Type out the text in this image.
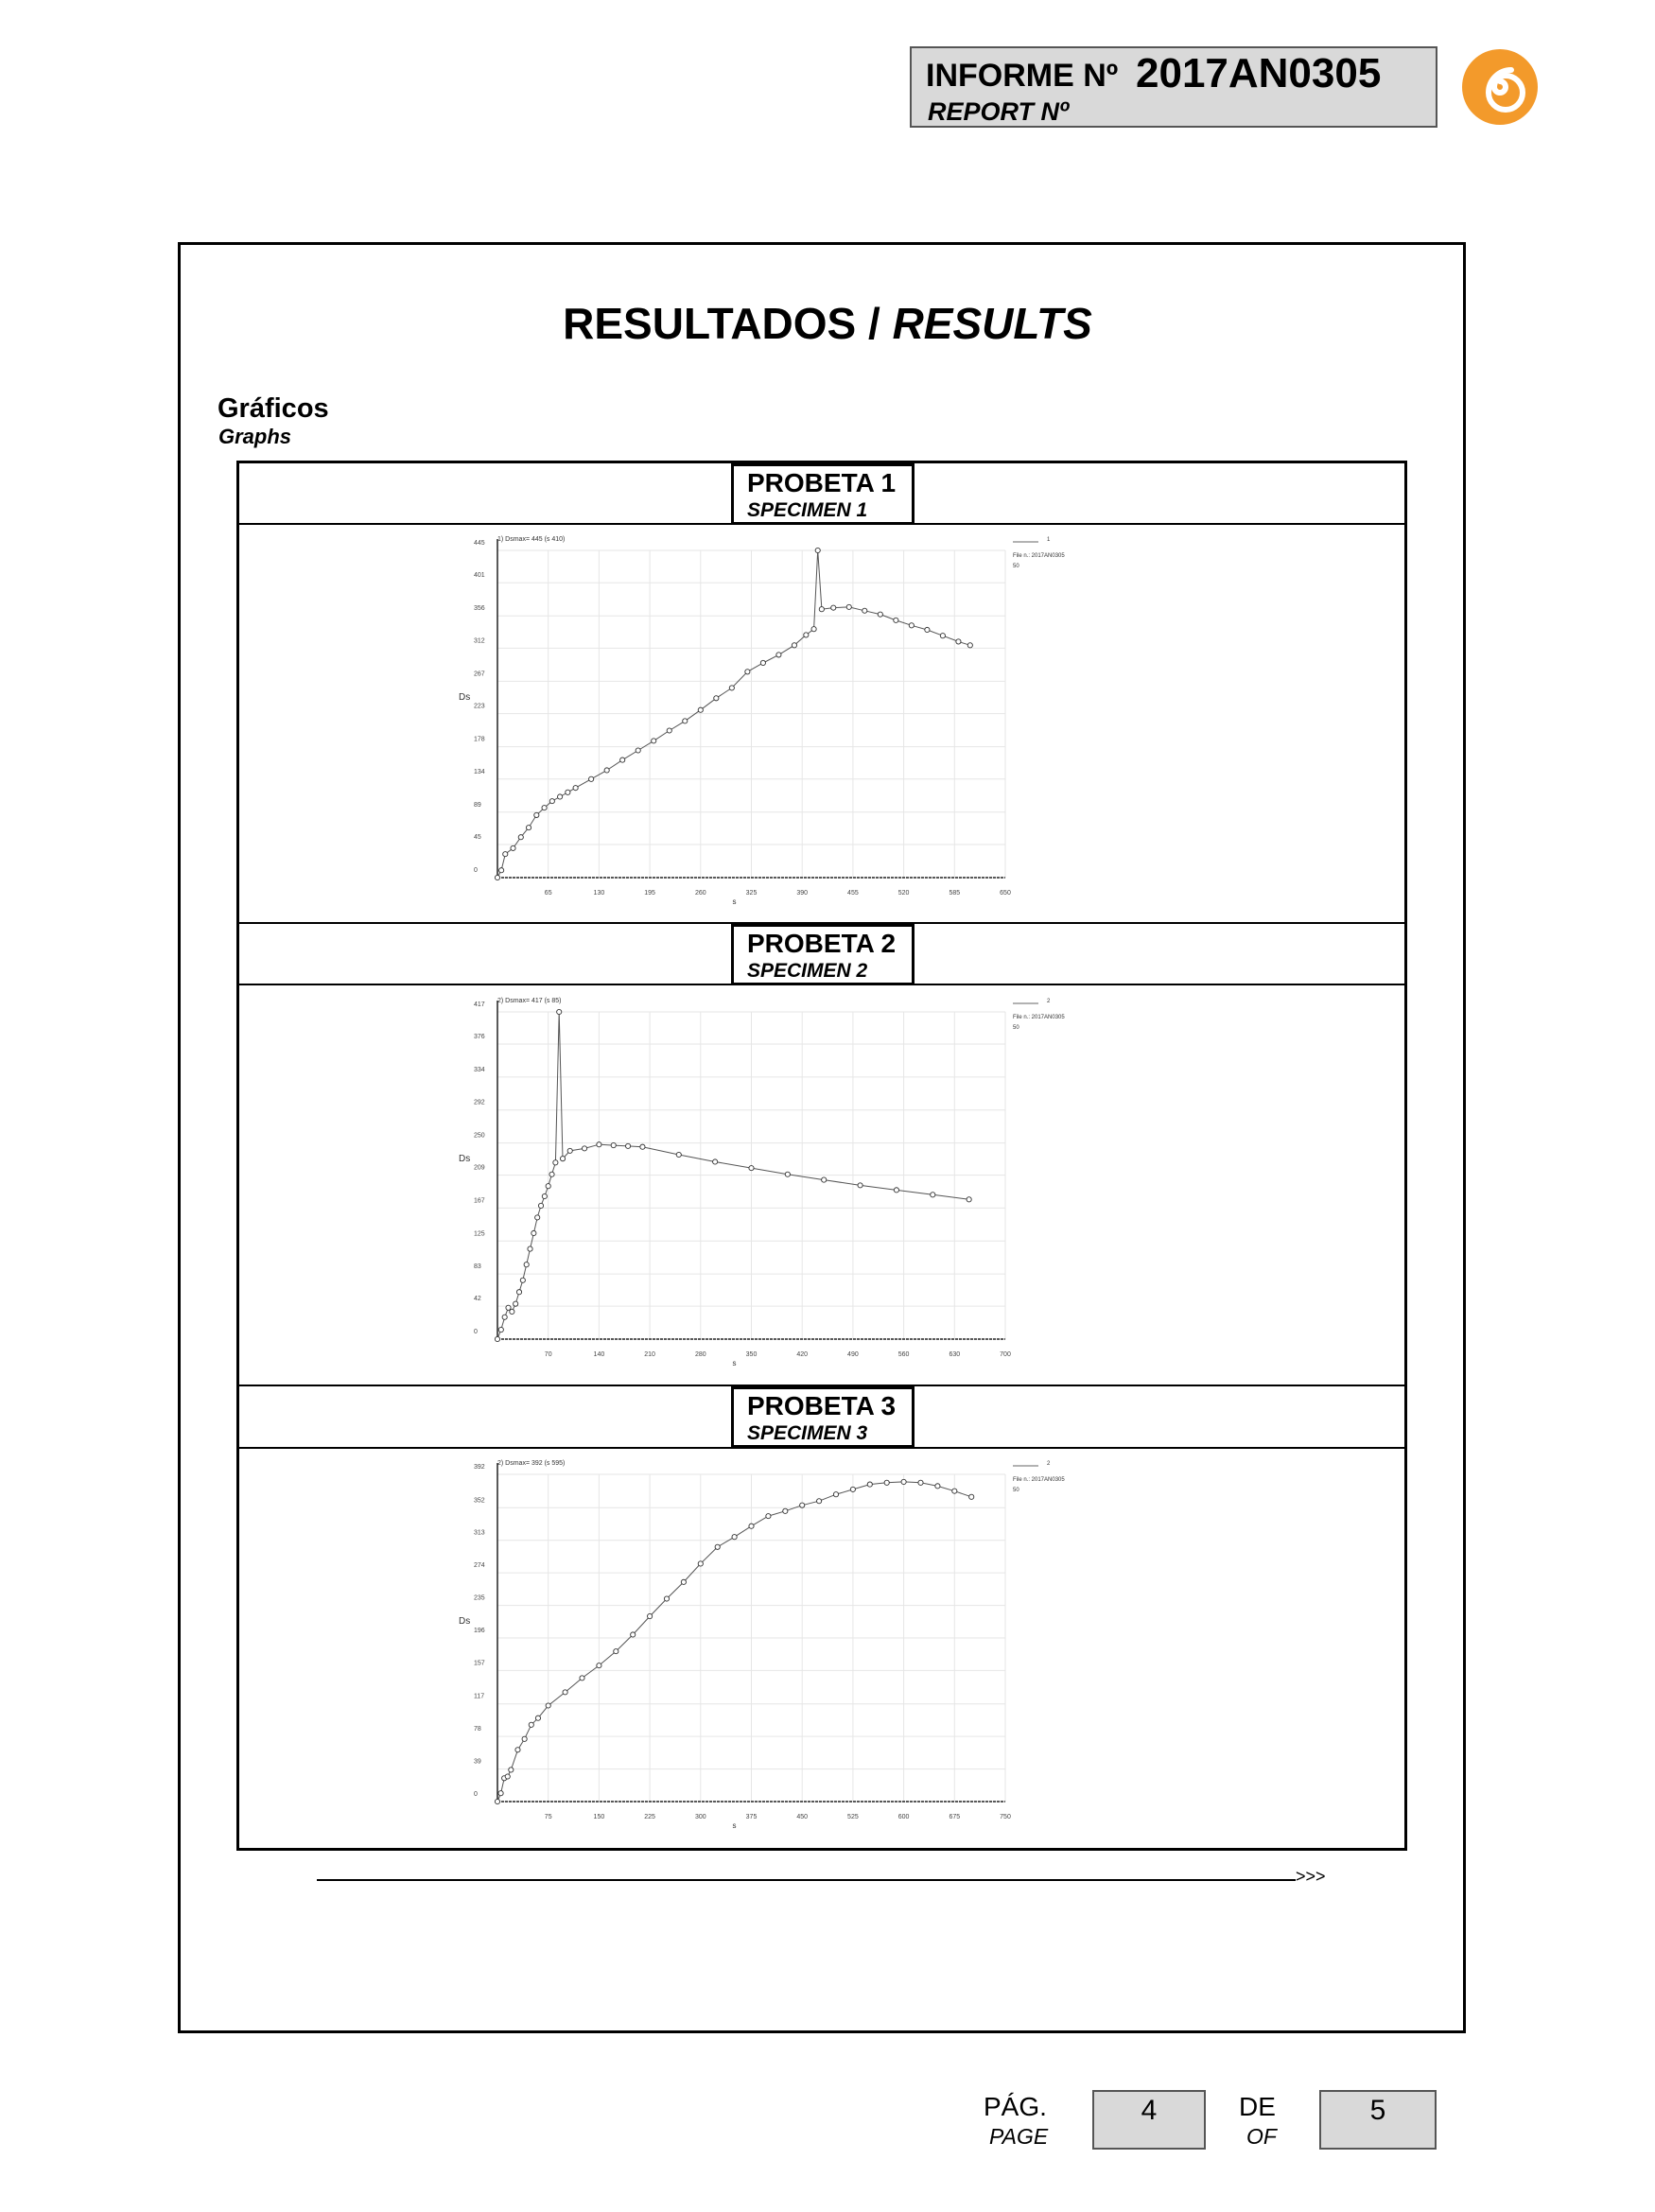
INFORME Nº 2017AN0305
REPORT Nº
RESULTADOS / RESULTS
Gráficos
Graphs
PROBETA 1
SPECIMEN 1
PROBETA 2
SPECIMEN 2
PROBETA 3
SPECIMEN 3
65	130	195	260	325	390	455	520	585	650
0
45
89
134
178
223
267
312
356
401
445
1) Dsmax= 445 (s 410)
Ds
s
1
File n.: 2017AN0305
50
70	140	210	280	350	420	490	560	630	700
0
42
83
125
167
209
250
292
334
376
417
2) Dsmax= 417 (s 85)
Ds
s
2
File n.: 2017AN0305
50
75	150	225	300	375	450	525	600	675	750
0
39
78
117
157
196
235
274
313
352
392
2) Dsmax= 392 (s 595)
Ds
s
2
File n.: 2017AN0305
50
>>>
PÁG.
PAGE
4	DE
OF
5
